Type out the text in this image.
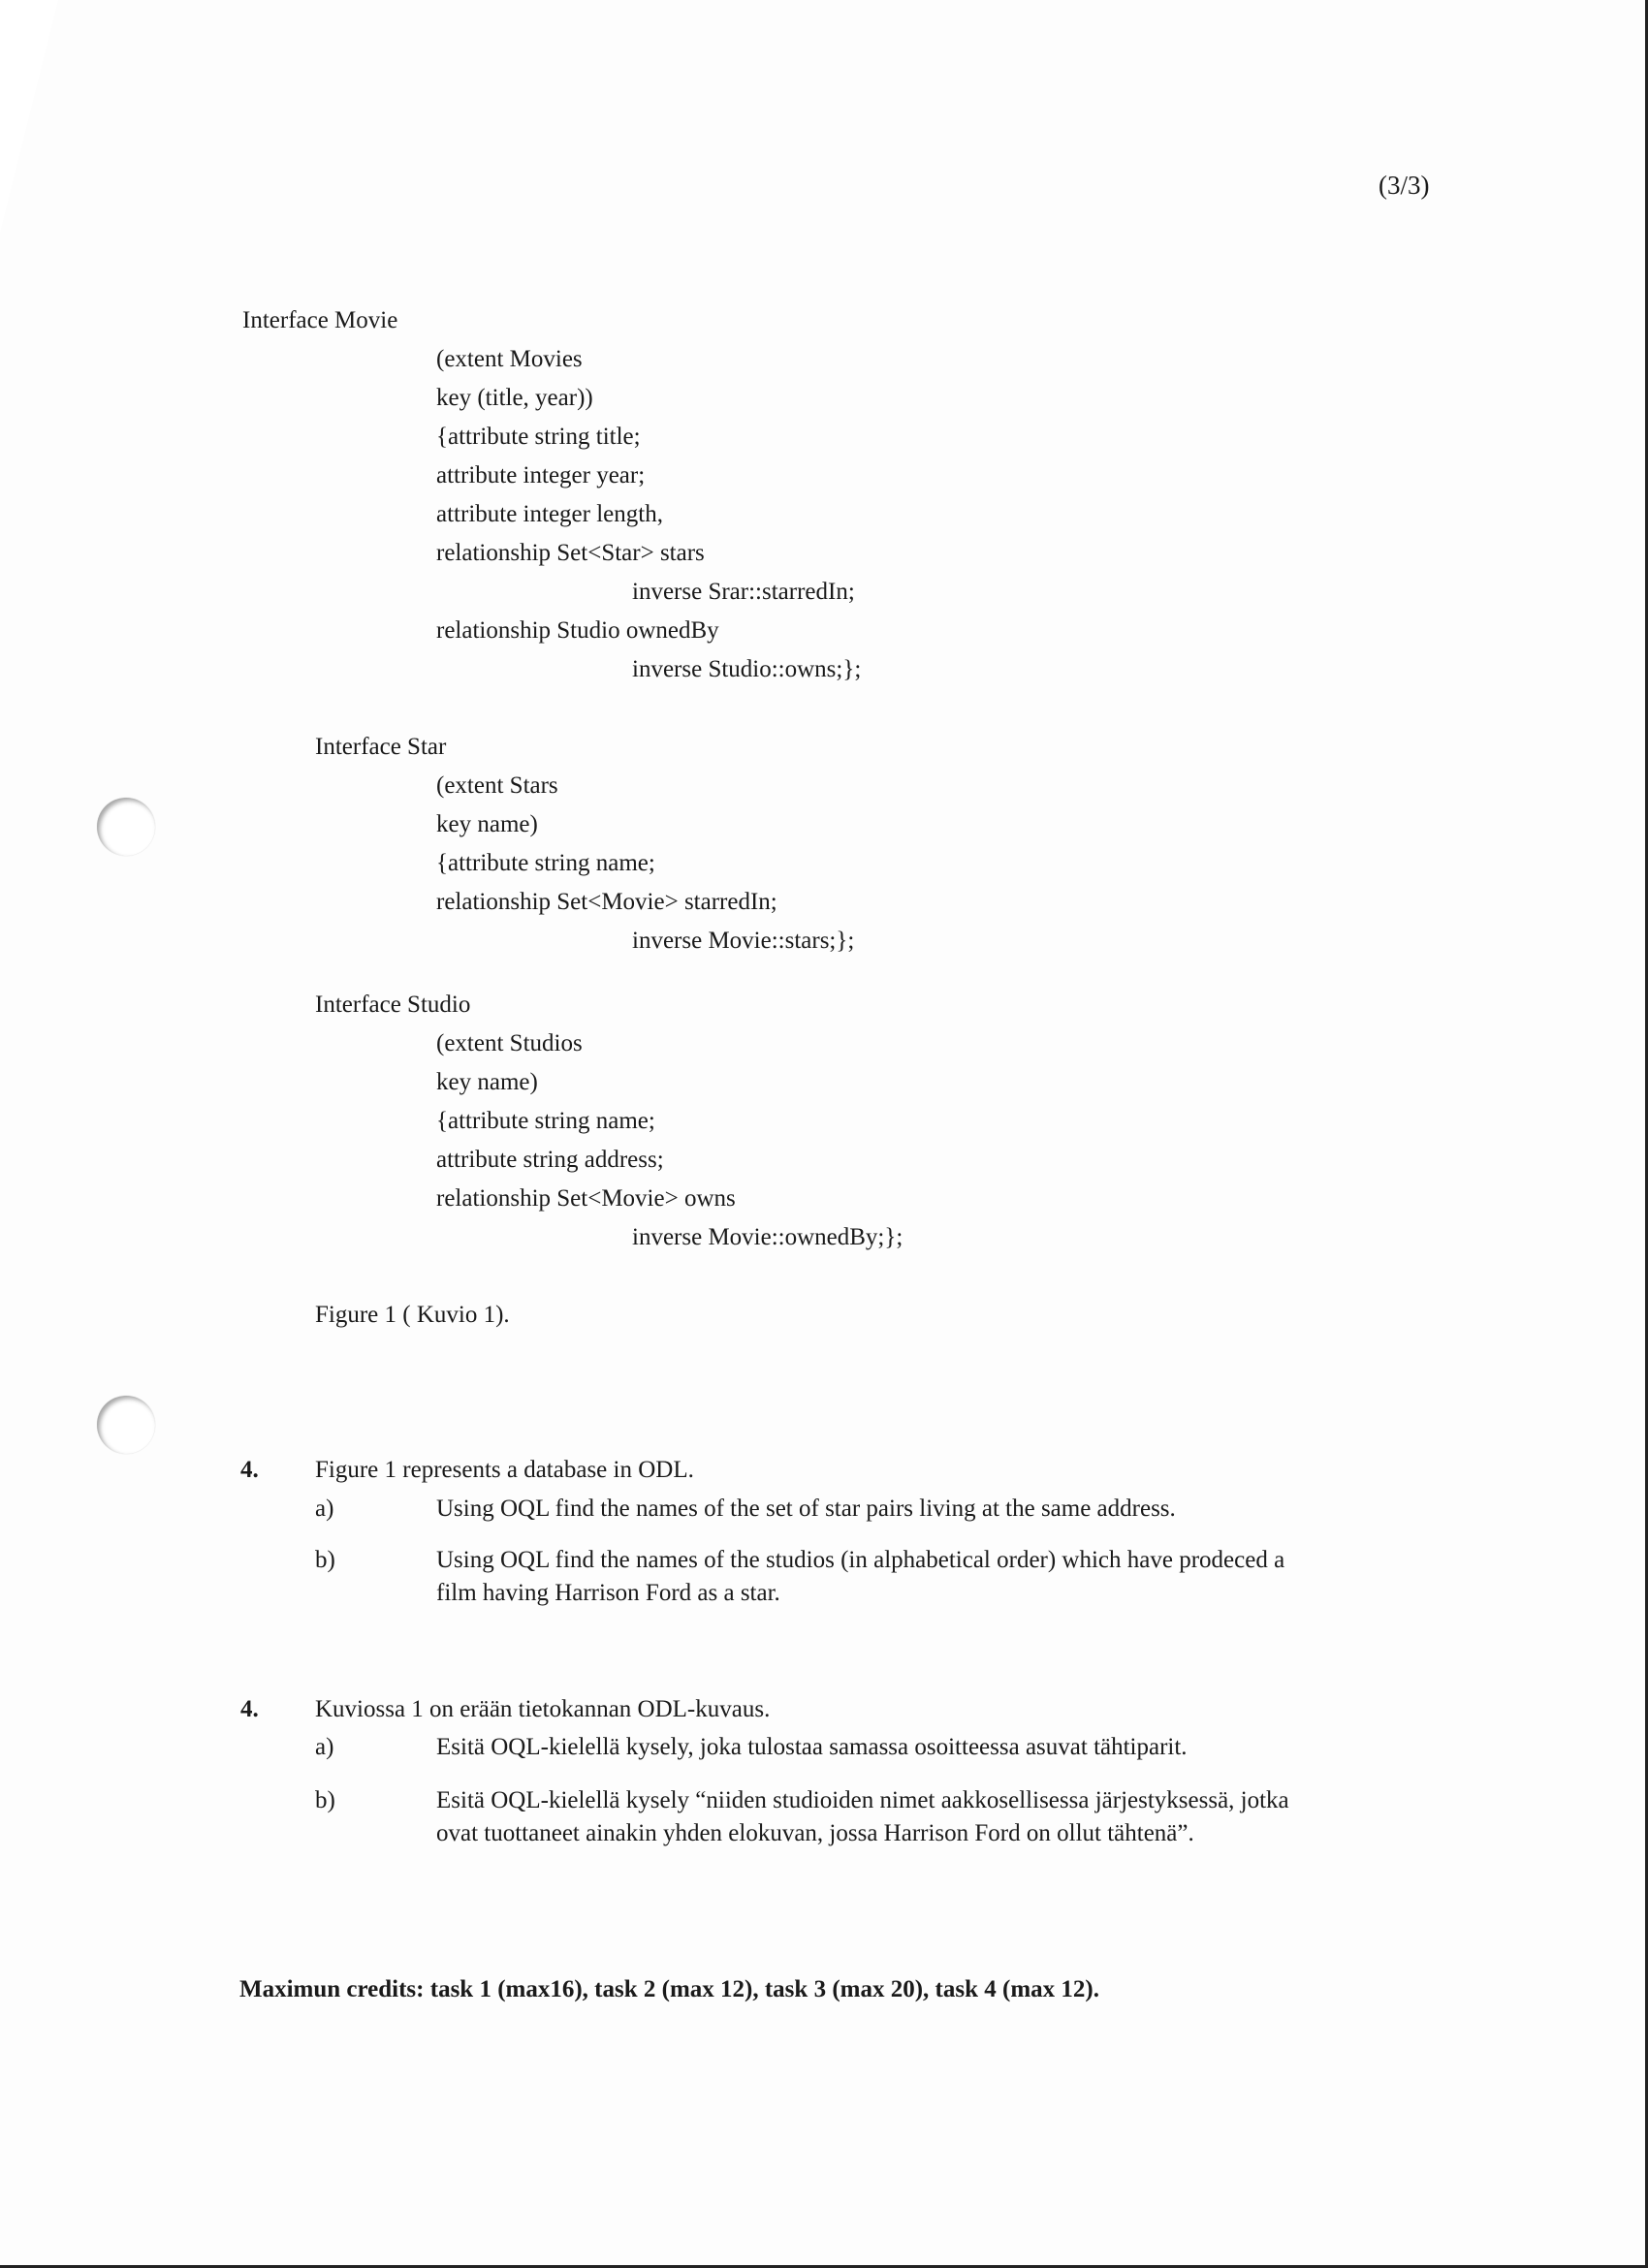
(3/3)
Interface Movie
(extent Movies
key (title, year))
{attribute string title;
attribute integer year;
attribute integer length,
relationship Set<Star> stars
inverse Srar::starredIn;
relationship Studio ownedBy
inverse Studio::owns;};
Interface Star
(extent Stars
key name)
{attribute string name;
relationship Set<Movie> starredIn;
inverse Movie::stars;};
Interface Studio
(extent Studios
key name)
{attribute string name;
attribute string address;
relationship Set<Movie> owns
inverse Movie::ownedBy;};
Figure 1 ( Kuvio 1).
4. Figure 1 represents a database in ODL.
a)	Using OQL find the names of the set of star pairs living at the same address.
b)	Using OQL find the names of the studios (in alphabetical order) which have prodeced a
film having Harrison Ford as a star.
4. Kuviossa 1 on erään tietokannan ODL-kuvaus.
a)	Esitä OQL-kielellä kysely, joka tulostaa samassa osoitteessa asuvat tähtiparit.
b)	Esitä OQL-kielellä kysely “niiden studioiden nimet aakkosellisessa järjestyksessä, jotka
ovat tuottaneet ainakin yhden elokuvan, jossa Harrison Ford on ollut tähtenä”.
Maximun credits: task 1 (max16), task 2 (max 12), task 3 (max 20), task 4 (max 12).
